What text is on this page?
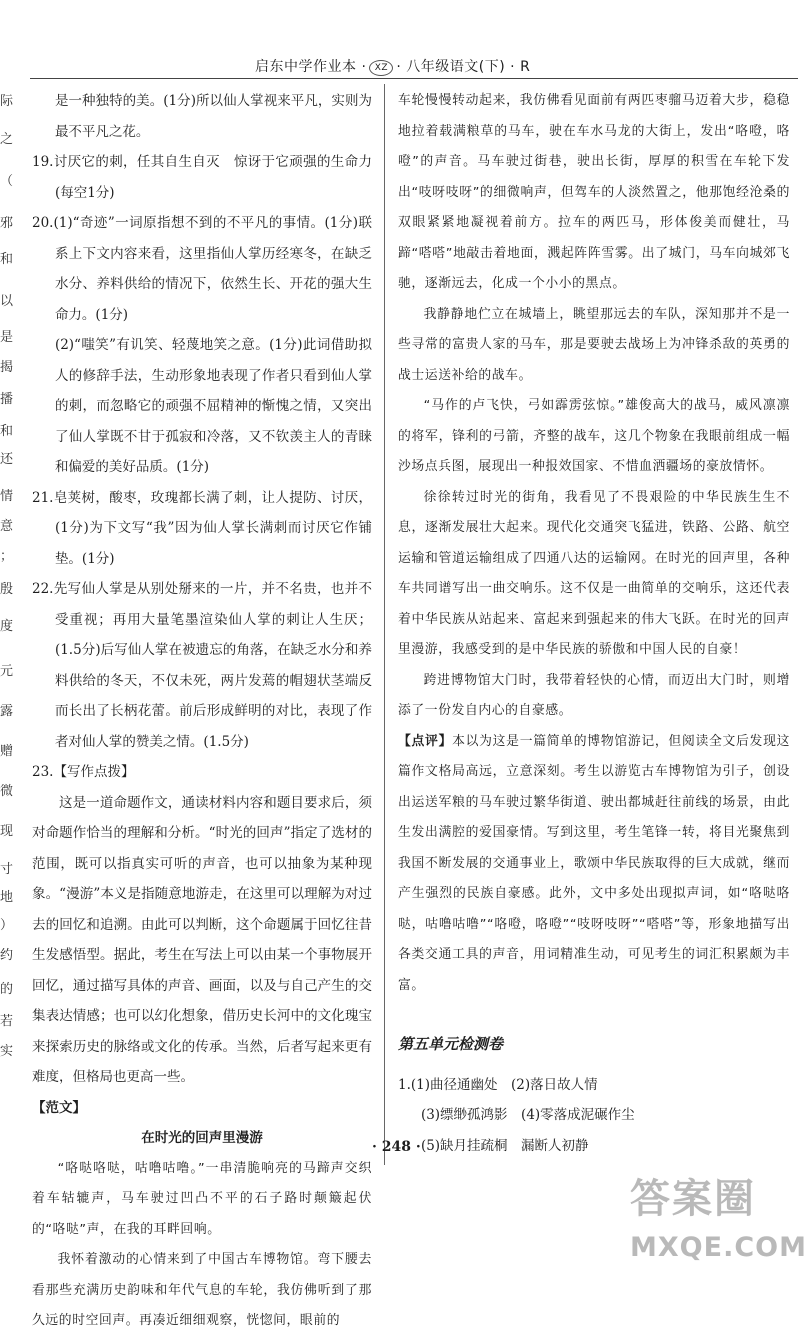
启东中学作业本 · XZ · 八年级语文(下) · R
际
之
（
邪
和
以
是
揭
播
和
还
情
意
；
殷
度
元
露
赠
微
现
寸
地
）
约
的
若
实

是一种独特的美。(1分)所以仙人掌视来平凡，实则为最不平凡之花。

19.讨厌它的刺，任其自生自灭　惊讶于它顽强的生命力(每空1分)

20.(1)“奇迹”一词原指想不到的不平凡的事情。(1分)联系上下文内容来看，这里指仙人掌历经寒冬，在缺乏水分、养料供给的情况下，依然生长、开花的强大生命力。(1分)

(2)“嗤笑”有讥笑、轻蔑地笑之意。(1分)此词借助拟人的修辞手法，生动形象地表现了作者只看到仙人掌的刺，而忽略它的顽强不屈精神的惭愧之情，又突出了仙人掌既不甘于孤寂和冷落，又不钦羡主人的青睐和偏爱的美好品质。(1分)

21.皂荚树，酸枣，玫瑰都长满了刺，让人提防、讨厌，(1分)为下文写“我”因为仙人掌长满刺而讨厌它作铺垫。(1分)

22.先写仙人掌是从别处掰来的一片，并不名贵，也并不受重视；再用大量笔墨渲染仙人掌的刺让人生厌；(1.5分)后写仙人掌在被遗忘的角落，在缺乏水分和养料供给的冬天，不仅未死，两片发蔫的帽翅状茎端反而长出了长柄花蕾。前后形成鲜明的对比，表现了作者对仙人掌的赞美之情。(1.5分)

23.【写作点拨】

这是一道命题作文，通读材料内容和题目要求后，须对命题作恰当的理解和分析。“时光的回声”指定了选材的范围，既可以指真实可听的声音，也可以抽象为某种现象。“漫游”本义是指随意地游走，在这里可以理解为对过去的回忆和追溯。由此可以判断，这个命题属于回忆往昔生发感悟型。据此，考生在写法上可以由某一个事物展开回忆，通过描写具体的声音、画面，以及与自己产生的交集表达情感；也可以幻化想象，借历史长河中的文化瑰宝来探索历史的脉络或文化的传承。当然，后者写起来更有难度，但格局也更高一些。

【范文】

在时光的回声里漫游

“咯哒咯哒，咕噜咕噜。”一串清脆响亮的马蹄声交织着车轱辘声，马车驶过凹凸不平的石子路时颠簸起伏的“咯哒”声，在我的耳畔回响。

我怀着激动的心情来到了中国古车博物馆。弯下腰去看那些充满历史韵味和年代气息的车轮，我仿佛听到了那久远的时空回声。再凑近细细观察，恍惚间，眼前的

车轮慢慢转动起来，我仿佛看见面前有两匹枣骝马迈着大步，稳稳地拉着载满粮草的马车，驶在车水马龙的大街上，发出“咯噔，咯噔”的声音。马车驶过街巷，驶出长街，厚厚的积雪在车轮下发出“吱呀吱呀”的细微响声，但驾车的人淡然置之，他那饱经沧桑的双眼紧紧地凝视着前方。拉车的两匹马，形体俊美而健壮，马蹄“嗒嗒”地敲击着地面，溅起阵阵雪雾。出了城门，马车向城郊飞驰，逐渐远去，化成一个小小的黑点。

我静静地伫立在城墙上，眺望那远去的车队，深知那并不是一些寻常的富贵人家的马车，那是要驶去战场上为冲锋杀敌的英勇的战士运送补给的战车。

“马作的卢飞快，弓如霹雳弦惊。”雄俊高大的战马，威风凛凛的将军，锋利的弓箭，齐整的战车，这几个物象在我眼前组成一幅沙场点兵图，展现出一种报效国家、不惜血洒疆场的豪放情怀。

徐徐转过时光的街角，我看见了不畏艰险的中华民族生生不息，逐渐发展壮大起来。现代化交通突飞猛进，铁路、公路、航空运输和管道运输组成了四通八达的运输网。在时光的回声里，各种车共同谱写出一曲交响乐。这不仅是一曲简单的交响乐，这还代表着中华民族从站起来、富起来到强起来的伟大飞跃。在时光的回声里漫游，我感受到的是中华民族的骄傲和中国人民的自豪！

跨进博物馆大门时，我带着轻快的心情，而迈出大门时，则增添了一份发自内心的自豪感。

【点评】本以为这是一篇简单的博物馆游记，但阅读全文后发现这篇作文格局高远，立意深刻。考生以游览古车博物馆为引子，创设出运送军粮的马车驶过繁华街道、驶出都城赶往前线的场景，由此生发出满腔的爱国豪情。写到这里，考生笔锋一转，将目光聚焦到我国不断发展的交通事业上，歌颂中华民族取得的巨大成就，继而产生强烈的民族自豪感。此外，文中多处出现拟声词，如“咯哒咯哒，咕噜咕噜”“咯噔，咯噔”“吱呀吱呀”“嗒嗒”等，形象地描写出各类交通工具的声音，用词精准生动，可见考生的词汇积累颇为丰富。

第五单元检测卷

1.(1)曲径通幽处　(2)落日故人情

(3)缥缈孤鸿影　(4)零落成泥碾作尘

(5)缺月挂疏桐　漏断人初静

· 248 ·
答案圈
MXQE.COM
